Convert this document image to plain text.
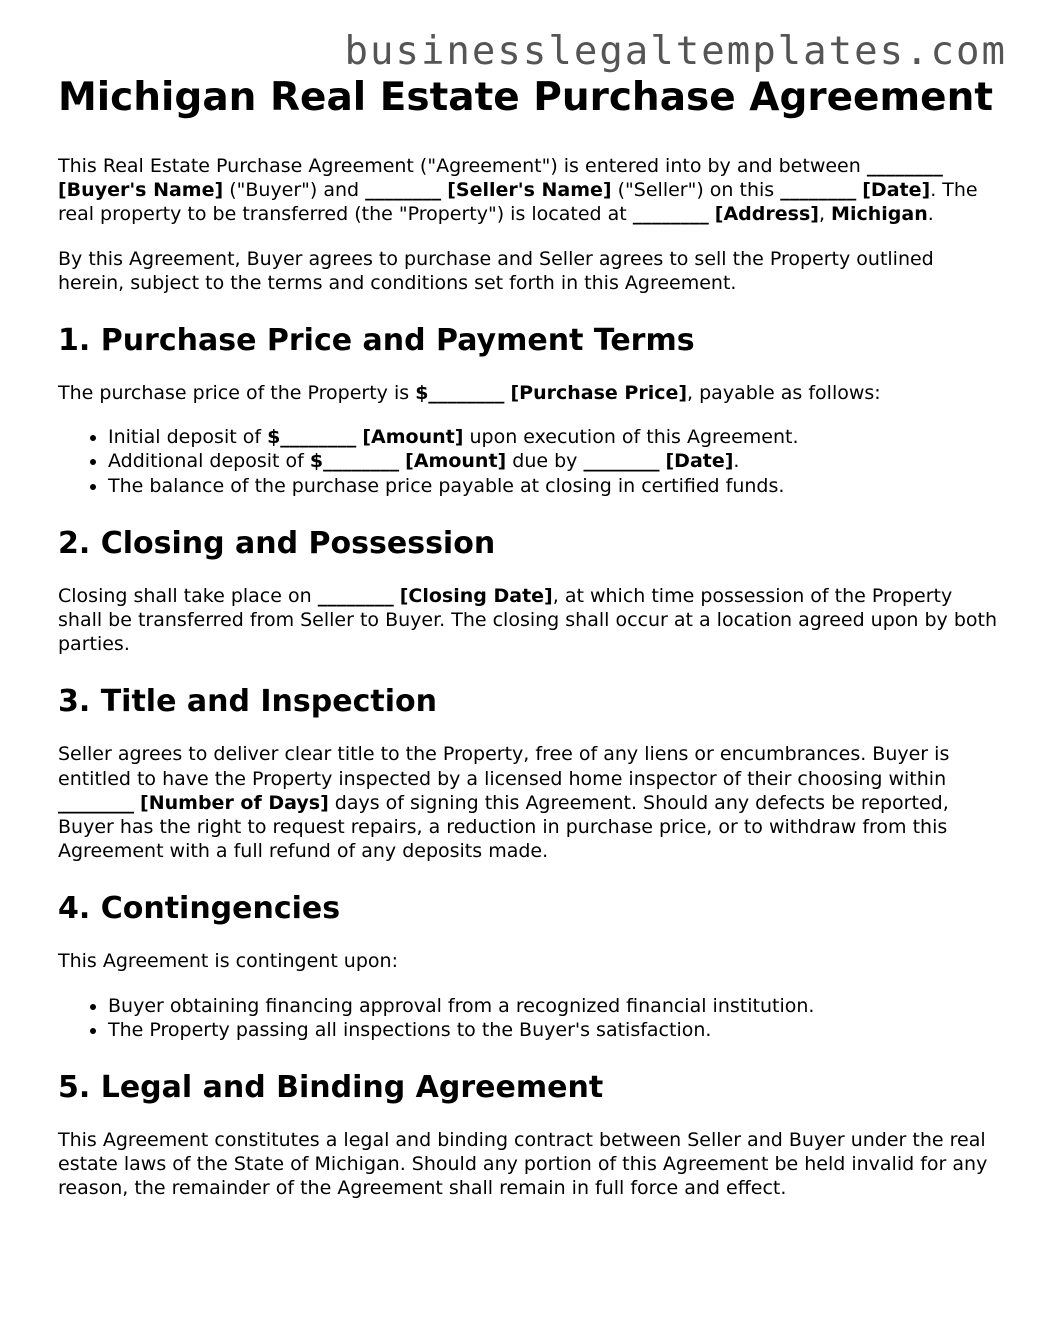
businesslegaltemplates.com
Michigan Real Estate Purchase Agreement

This Real Estate Purchase Agreement ("Agreement") is entered into by and between ________ [Buyer's Name] ("Buyer") and ________ [Seller's Name] ("Seller") on this ________ [Date]. The real property to be transferred (the "Property") is located at ________ [Address], Michigan.

By this Agreement, Buyer agrees to purchase and Seller agrees to sell the Property outlined herein, subject to the terms and conditions set forth in this Agreement.

1. Purchase Price and Payment Terms

The purchase price of the Property is $________ [Purchase Price], payable as follows:

• Initial deposit of $________ [Amount] upon execution of this Agreement.
• Additional deposit of $________ [Amount] due by ________ [Date].
• The balance of the purchase price payable at closing in certified funds.
2. Closing and Possession

Closing shall take place on ________ [Closing Date], at which time possession of the Property shall be transferred from Seller to Buyer. The closing shall occur at a location agreed upon by both parties.

3. Title and Inspection

Seller agrees to deliver clear title to the Property, free of any liens or encumbrances. Buyer is entitled to have the Property inspected by a licensed home inspector of their choosing within ________ [Number of Days] days of signing this Agreement. Should any defects be reported, Buyer has the right to request repairs, a reduction in purchase price, or to withdraw from this Agreement with a full refund of any deposits made.

4. Contingencies

This Agreement is contingent upon:

• Buyer obtaining financing approval from a recognized financial institution.
• The Property passing all inspections to the Buyer's satisfaction.
5. Legal and Binding Agreement

This Agreement constitutes a legal and binding contract between Seller and Buyer under the real estate laws of the State of Michigan. Should any portion of this Agreement be held invalid for any reason, the remainder of the Agreement shall remain in full force and effect.
